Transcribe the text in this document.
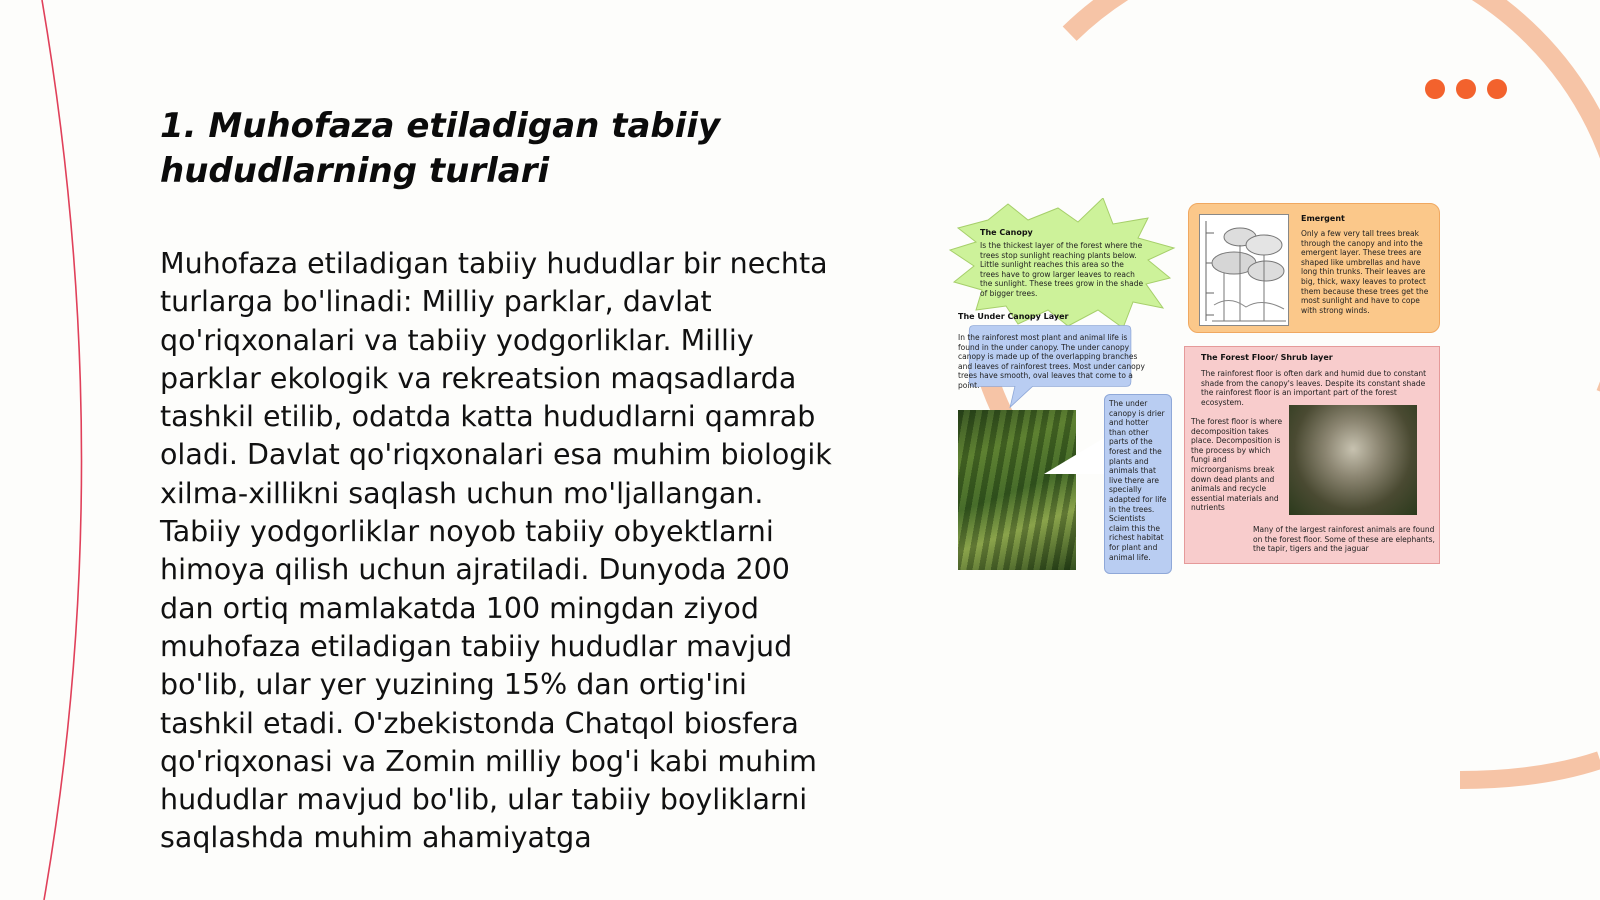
1. Muhofaza etiladigan tabiiy hududlarning turlari

Muhofaza etiladigan tabiiy hududlar bir nechta turlarga bo'linadi: Milliy parklar, davlat qo'riqxonalari va tabiiy yodgorliklar. Milliy parklar ekologik va rekreatsion maqsadlarda tashkil etilib, odatda katta hududlarni qamrab oladi. Davlat qo'riqxonalari esa muhim biologik xilma-xillikni saqlash uchun mo'ljallangan. Tabiiy yodgorliklar noyob tabiiy obyektlarni himoya qilish uchun ajratiladi. Dunyoda 200 dan ortiq mamlakatda 100 mingdan ziyod muhofaza etiladigan tabiiy hududlar mavjud bo'lib, ular yer yuzining 15% dan ortig'ini tashkil etadi. O'zbekistonda Chatqol biosfera qo'riqxonasi va Zomin milliy bog'i kabi muhim hududlar mavjud bo'lib, ular tabiiy boyliklarni saqlashda muhim ahamiyatga

The Canopy
Is the thickest layer of the forest where the trees stop sunlight reaching plants below. Little sunlight reaches this area so the trees have to grow larger leaves to reach the sunlight. These trees grow in the shade of bigger trees.
The Under Canopy Layer
In the rainforest most plant and animal life is found in the under canopy. The under canopy canopy is made up of the overlapping branches and leaves of rainforest trees. Most under canopy trees have smooth, oval leaves that come to a point.
The under canopy is drier and hotter than other parts of the forest and the plants and animals that live there are specially adapted for life in the trees. Scientists claim this the richest habitat for plant and animal life.
Emergent
Only a few very tall trees break through the canopy and into the emergent layer. These trees are shaped like umbrellas and have long thin trunks. Their leaves are big, thick, waxy leaves to protect them because these trees get the most sunlight and have to cope with strong winds.
The Forest Floor/ Shrub layer
The rainforest floor is often dark and humid due to constant shade from the canopy's leaves. Despite its constant shade the rainforest floor is an important part of the forest ecosystem.
The forest floor is where decomposition takes place. Decomposition is the process by which fungi and microorganisms break down dead plants and animals and recycle essential materials and nutrients
Many of the largest rainforest animals are found on the forest floor. Some of these are elephants, the tapir, tigers and the jaguar
